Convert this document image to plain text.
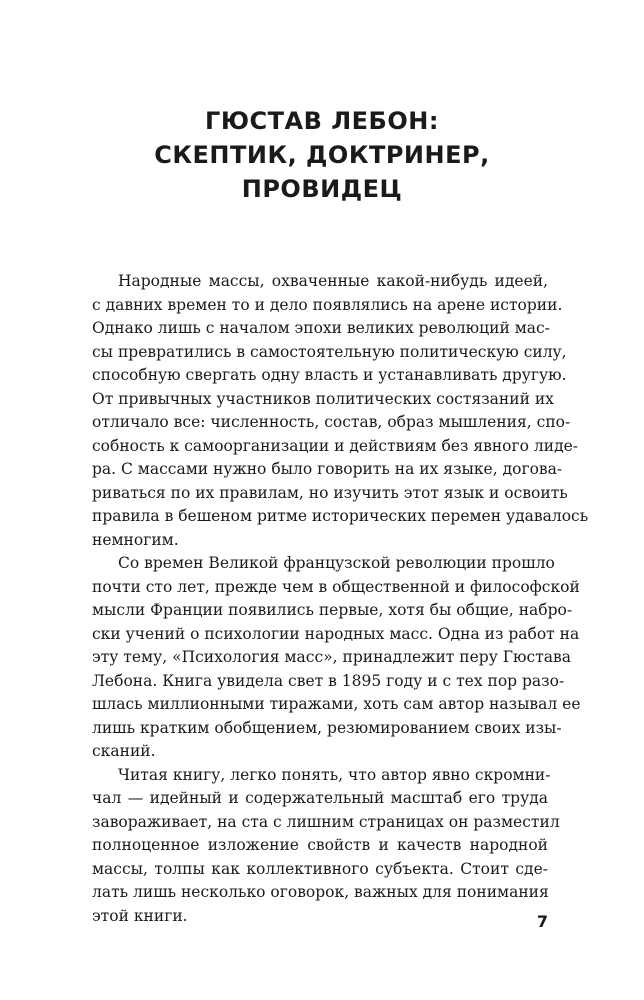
ГЮСТАВ ЛЕБОН:
СКЕПТИК, ДОКТРИНЕР,
ПРОВИДЕЦ
Народные массы, охваченные какой-нибудь идеей,
с давних времен то и дело появлялись на арене истории.
Однако лишь с началом эпохи великих революций мас-
сы превратились в самостоятельную политическую силу,
способную свергать одну власть и устанавливать другую.
От привычных участников политических состязаний их
отличало все: численность, состав, образ мышления, спо-
собность к самоорганизации и действиям без явного лиде-
ра. С массами нужно было говорить на их языке, догова-
риваться по их правилам, но изучить этот язык и освоить
правила в бешеном ритме исторических перемен удавалось
немногим.
Со времен Великой французской революции прошло
почти сто лет, прежде чем в общественной и философской
мысли Франции появились первые, хотя бы общие, набро-
ски учений о психологии народных масс. Одна из работ на
эту тему, «Психология масс», принадлежит перу Гюстава
Лебона. Книга увидела свет в 1895 году и с тех пор разо-
шлась миллионными тиражами, хоть сам автор называл ее
лишь кратким обобщением, резюмированием своих изы-
сканий.
Читая книгу, легко понять, что автор явно скромни-
чал — идейный и содержательный масштаб его труда
завораживает, на ста с лишним страницах он разместил
полноценное изложение свойств и качеств народной
массы, толпы как коллективного субъекта. Стоит сде-
лать лишь несколько оговорок, важных для понимания
этой книги.	7
